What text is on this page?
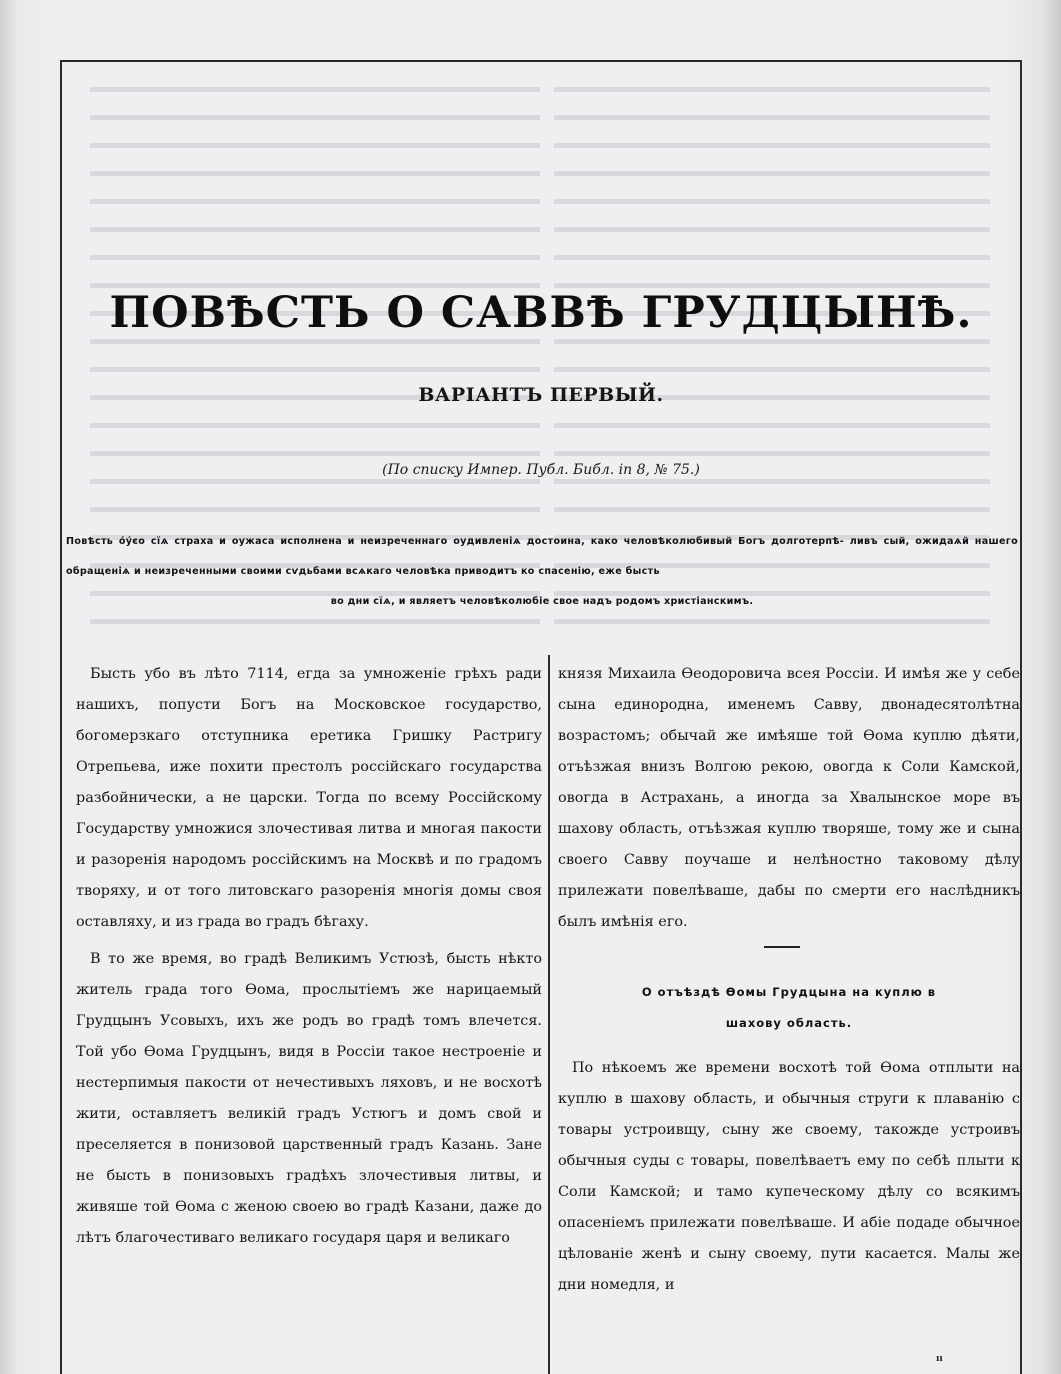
ПОВѢСТЬ О САВВѢ ГРУДЦЫНѢ.
ВАРІАНТЪ ПЕРВЫЙ.
(По списку Импер. Публ. Библ. in 8, № 75.)
Повѣсть о́у́єо сїѧ страха и оужаса исполнена и неизреченнаго оудивленіѧ достоина, како человѣколюбивый Богъ долготерпѣ- ливъ сый, ожидаѧй нашего обращеніѧ и неизреченными своими сѵдьбами всѧкаго человѣка приводитъ ко спасенію, еже бысть
во дни сїѧ, и являетъ человѣколюбіе свое надъ родомъ христіанскимъ.

Бысть убо въ лѣто 7114, егда за умноженіе грѣхъ ради нашихъ, попусти Богъ на Московское государство, богомерзкаго отступника еретика Гришку Растригу Отрепьева, иже похити престолъ россійскаго государства разбойнически, а не царски. Тогда по всему Россійскому Государству умножися злочестивая литва и многая пакости и разоренія народомъ россійскимъ на Москвѣ и по градомъ творяху, и от того литовскаго разоренія многія домы своя оставляху, и из града во градъ бѣгаху.

В то же время, во градѣ Великимъ Устюзѣ, бысть нѣкто житель града того Ѳома, прослытіемъ же нарицаемый Грудцынъ Усовыхъ, ихъ же родъ во градѣ томъ влечется. Той убо Ѳома Грудцынъ, видя в Россіи такое нестроеніе и нестерпимыя пакости от нечестивыхъ ляховъ, и не восхотѣ жити, оставляетъ великій градъ Устюгъ и домъ свой и преселяется в понизовой царственный градъ Казань. Зане не бысть в понизовыхъ градѣхъ злочестивыя литвы, и живяше той Ѳома с женою своею во градѣ Казани, даже до лѣтъ благочестиваго великаго государя царя и великаго

князя Михаила Ѳеодоровича всея Россіи. И имѣя же у себе сына единородна, именемъ Савву, двонадесятолѣтна возрастомъ; обычай же имѣяше той Ѳома куплю дѣяти, отъѣзжая внизъ Волгою рекою, овогда к Соли Камской, овогда в Астрахань, а иногда за Хвалынское море въ шахову область, отъѣзжая куплю творяше, тому же и сына своего Савву поучаше и нелѣностно таковому дѣлу прилежати повелѣваше, дабы по смерти его наслѣдникъ былъ имѣнія его.

О отъѣздѣ Ѳомы Грудцына на куплю в
шахову область.

По нѣкоемъ же времени восхотѣ той Ѳома отплыти на куплю в шахову область, и обычныя струги к плаванію с товары устроивщу, сыну же своему, такожде устроивъ обычныя суды с товары, повелѣваетъ ему по себѣ плыти к Соли Камской; и тамо купеческому дѣлу со всякимъ опасеніемъ прилежати повелѣваше. И абіе подаде обычное цѣлованіе женѣ и сыну своему, пути касается. Малы же дни номедля, и

ıı
